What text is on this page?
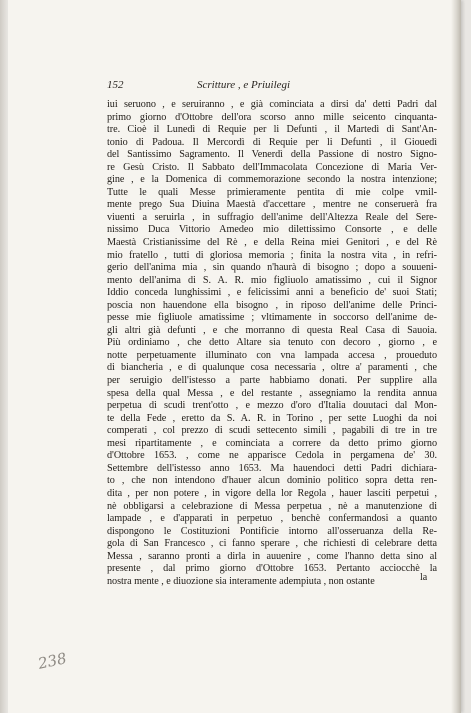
152	Scritture , e Priuilegi
iui seruono , e seruiranno , e già cominciata a dirsi da' detti Padri dal
primo giorno d'Ottobre dell'ora scorso anno mille seicento cinquanta-
tre. Cioè il Lunedì di Requie per li Defunti , il Martedì di Sant'An-
tonio di Padoua. Il Mercordì di Requie per li Defunti , il Giouedì
del Santissimo Sagramento. Il Venerdì della Passione di nostro Signo-
re Gesù Cristo. Il Sabbato dell'Immacolata Concezione di Maria Ver-
gine , e la Domenica di commemorazione secondo la nostra intenzione;
Tutte le quali Messe primieramente pentita di mie colpe vmil-
mente prego Sua Diuina Maestà d'accettare , mentre ne conseruerà fra
viuenti a seruirla , in suffragio dell'anime dell'Altezza Reale del Sere-
nissimo Duca Vittorio Amedeo mio dilettissimo Consorte , e delle
Maestà Cristianissime del Rè , e della Reina miei Genitori , e del Rè
mio fratello , tutti di gloriosa memoria ; finita la nostra vita , in refri-
gerio dell'anima mia , sin quando n'haurà di bisogno ; dopo a souueni-
mento dell'anima di S. A. R. mio figliuolo amatissimo , cui il Signor
Iddio conceda lunghissimi , e felicissimi anni a beneficio de' suoi Stati;
poscia non hauendone ella bisogno , in riposo dell'anime delle Princi-
pesse mie figliuole amatissime ; vltimamente in soccorso dell'anime de-
gli altri già defunti , e che morranno di questa Real Casa di Sauoia.
Più ordiniamo , che detto Altare sia tenuto con decoro , giorno , e
notte perpetuamente illuminato con vna lampada accesa , proueduto
di biancheria , e di qualunque cosa necessaria , oltre a' paramenti , che
per seruigio dell'istesso a parte habbiamo donati. Per supplire alla
spesa della qual Messa , e del restante , assegniamo la rendita annua
perpetua di scudi trent'otto , e mezzo d'oro d'Italia douutaci dal Mon-
te della Fede , eretto da S. A. R. in Torino , per sette Luoghi da noi
comperati , col prezzo di scudi settecento simili , pagabili di tre in tre
mesi ripartitamente , e cominciata a correre da detto primo giorno
d'Ottobre 1653. , come ne apparisce Cedola in pergamena de' 30.
Settembre dell'istesso anno 1653. Ma hauendoci detti Padri dichiara-
to , che non intendono d'hauer alcun dominio politico sopra detta ren-
dita , per non potere , in vigore della lor Regola , hauer lasciti perpetui ,
nè obbligarsi a celebrazione di Messa perpetua , nè a manutenzione di
lampade , e d'apparati in perpetuo , benchè confermandosi a quanto
dispongono le Costituzioni Pontificie intorno all'osseruanza della Re-
gola di San Francesco , ci fanno sperare , che richiesti di celebrare detta
Messa , saranno pronti a dirla in auuenire , come l'hanno detta sino al
presente , dal primo giorno d'Ottobre 1653. Pertanto acciocchè la
nostra mente , e diuozione sia interamente adempiuta , non ostante	la
238
